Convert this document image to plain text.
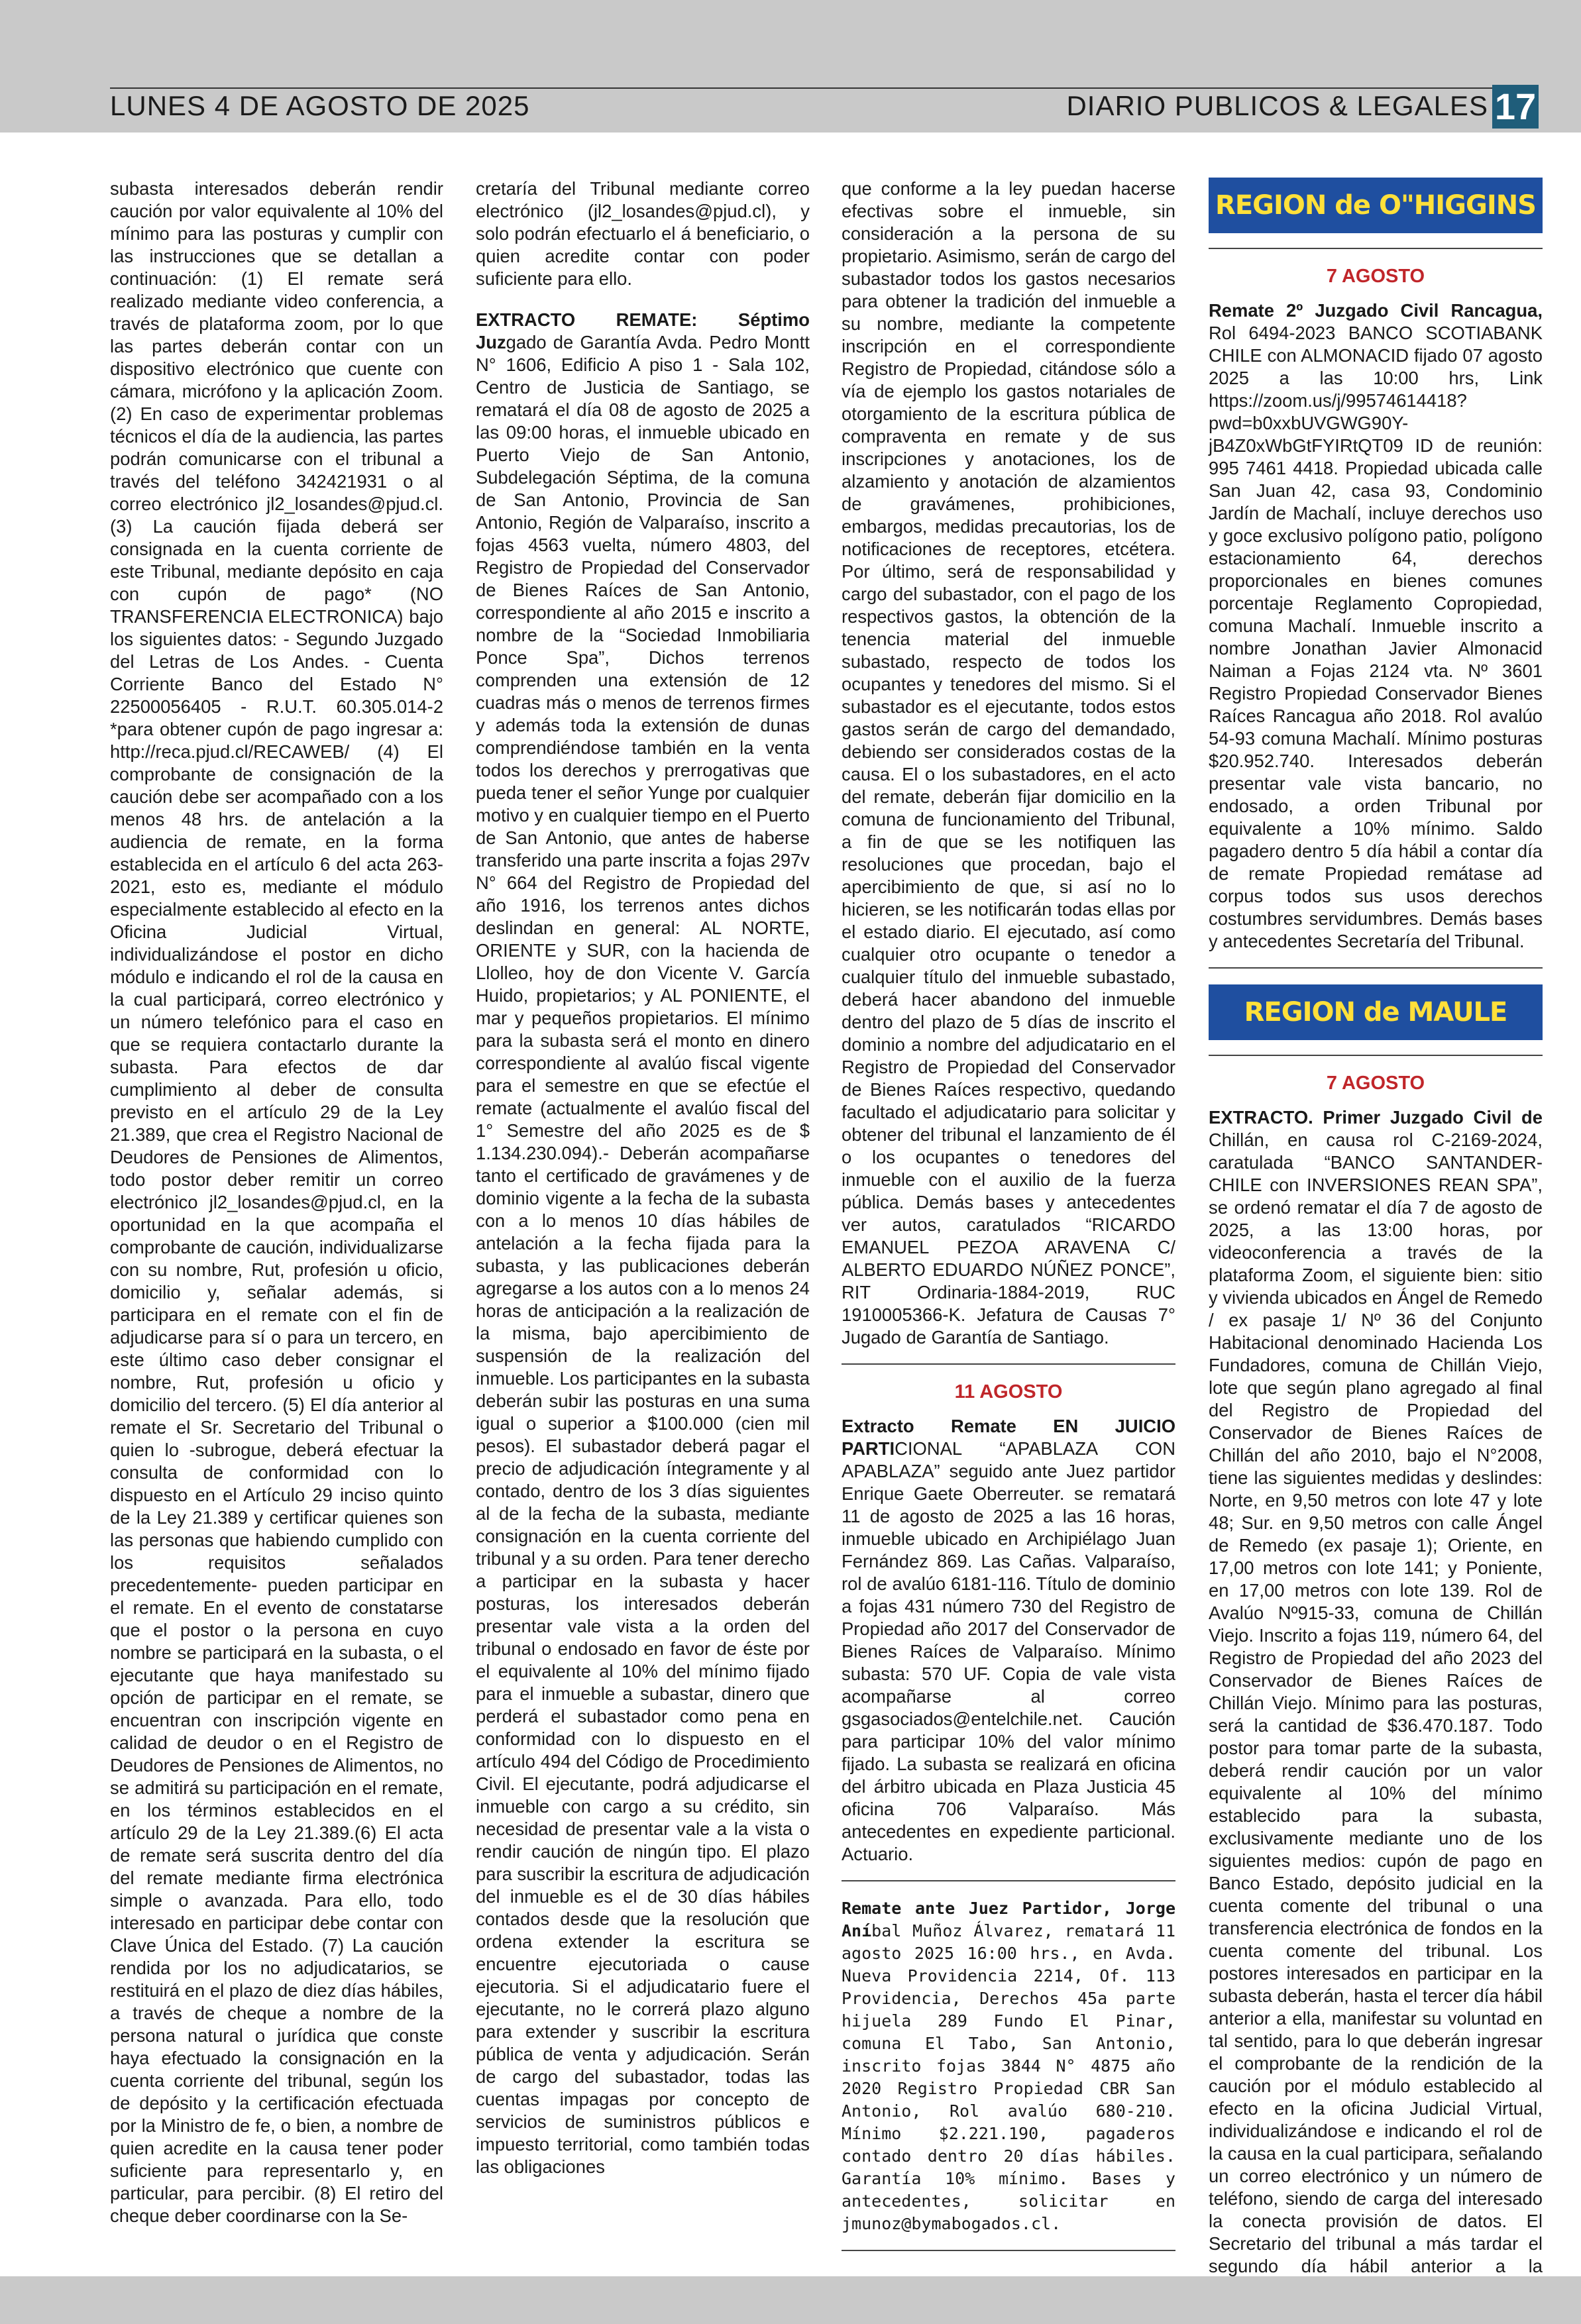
LUNES 4 DE AGOSTO DE 2025	DIARIO PUBLICOS & LEGALES 17

subasta interesados deberán rendir caución por valor equivalente al 10% del mínimo para las posturas y cumplir con las instrucciones que se detallan a continuación: (1) El remate será realizado mediante video conferencia, a través de plataforma zoom, por lo que las partes deberán contar con un dispositivo electrónico que cuente con cámara, micrófono y la aplicación Zoom. (2) En caso de experimentar problemas técnicos el día de la audiencia, las partes podrán comunicarse con el tribunal a través del teléfono 342421931 o al correo electrónico jl2_losandes@pjud.cl. (3) La caución fijada deberá ser consignada en la cuenta corriente de este Tribunal, mediante depósito en caja con cupón de pago* (NO TRANSFERENCIA ELECTRONICA) bajo los siguientes datos: - Segundo Juzgado del Letras de Los Andes. - Cuenta Corriente Banco del Estado N° 22500056405 - R.U.T. 60.305.014-2 *para obtener cupón de pago ingresar a: http://reca.pjud.cl/RECAWEB/ (4) El comprobante de consignación de la caución debe ser acompañado con a los menos 48 hrs. de antelación a la audiencia de remate, en la forma establecida en el artículo 6 del acta 263-2021, esto es, mediante el módulo especialmente establecido al efecto en la Oficina Judicial Virtual, individualizándose el postor en dicho módulo e indicando el rol de la causa en la cual participará, correo electrónico y un número telefónico para el caso en que se requiera contactarlo durante la subasta. Para efectos de dar cumplimiento al deber de consulta previsto en el artículo 29 de la Ley 21.389, que crea el Registro Nacional de Deudores de Pensiones de Alimentos, todo postor deber remitir un correo electrónico jl2_losandes@pjud.cl, en la oportunidad en la que acompaña el comprobante de caución, individualizarse con su nombre, Rut, profesión u oficio, domicilio y, señalar además, si participara en el remate con el fin de adjudicarse para sí o para un tercero, en este último caso deber consignar el nombre, Rut, profesión u oficio y domicilio del tercero. (5) El día anterior al remate el Sr. Secretario del Tribunal o quien lo -subrogue, deberá efectuar la consulta de conformidad con lo dispuesto en el Artículo 29 inciso quinto de la Ley 21.389 y certificar quienes son las personas que habiendo cumplido con los requisitos señalados precedentemente- pueden participar en el remate. En el evento de constatarse que el postor o la persona en cuyo nombre se participará en la subasta, o el ejecutante que haya manifestado su opción de participar en el remate, se encuentran con inscripción vigente en calidad de deudor o en el Registro de Deudores de Pensiones de Alimentos, no se admitirá su participación en el remate, en los términos establecidos en el artículo 29 de la Ley 21.389.(6) El acta de remate será suscrita dentro del día del remate mediante firma electrónica simple o avanzada. Para ello, todo interesado en participar debe contar con Clave Única del Estado. (7) La caución rendida por los no adjudicatarios, se restituirá en el plazo de diez días hábiles, a través de cheque a nombre de la persona natural o jurídica que conste haya efectuado la consignación en la cuenta corriente del tribunal, según los de depósito y la certificación efectuada por la Ministro de fe, o bien, a nombre de quien acredite en la causa tener poder suficiente para representarlo y, en particular, para percibir. (8) El retiro del cheque deber coordinarse con la Se-

cretaría del Tribunal mediante correo electrónico (jl2_losandes@pjud.cl), y solo podrán efectuarlo el á beneficiario, o quien acredite contar con poder suficiente para ello.

EXTRACTO REMATE: Séptimo Juzgado de Garantía Avda. Pedro Montt N° 1606, Edificio A piso 1 - Sala 102, Centro de Justicia de Santiago, se rematará el día 08 de agosto de 2025 a las 09:00 horas, el inmueble ubicado en Puerto Viejo de San Antonio, Subdelegación Séptima, de la comuna de San Antonio, Provincia de San Antonio, Región de Valparaíso, inscrito a fojas 4563 vuelta, número 4803, del Registro de Propiedad del Conservador de Bienes Raíces de San Antonio, correspondiente al año 2015 e inscrito a nombre de la “Sociedad Inmobiliaria Ponce Spa”, Dichos terrenos comprenden una extensión de 12 cuadras más o menos de terrenos firmes y además toda la extensión de dunas comprendiéndose también en la venta todos los derechos y prerrogativas que pueda tener el señor Yunge por cualquier motivo y en cualquier tiempo en el Puerto de San Antonio, que antes de haberse transferido una parte inscrita a fojas 297v N° 664 del Registro de Propiedad del año 1916, los terrenos antes dichos deslindan en general: AL NORTE, ORIENTE y SUR, con la hacienda de Llolleo, hoy de don Vicente V. García Huido, propietarios; y AL PONIENTE, el mar y pequeños propietarios. El mínimo para la subasta será el monto en dinero correspondiente al avalúo fiscal vigente para el semestre en que se efectúe el remate (actualmente el avalúo fiscal del 1° Semestre del año 2025 es de $ 1.134.230.094).- Deberán acompañarse tanto el certificado de gravámenes y de dominio vigente a la fecha de la subasta con a lo menos 10 días hábiles de antelación a la fecha fijada para la subasta, y las publicaciones deberán agregarse a los autos con a lo menos 24 horas de anticipación a la realización de la misma, bajo apercibimiento de suspensión de la realización del inmueble. Los participantes en la subasta deberán subir las posturas en una suma igual o superior a $100.000 (cien mil pesos). El subastador deberá pagar el precio de adjudicación íntegramente y al contado, dentro de los 3 días siguientes al de la fecha de la subasta, mediante consignación en la cuenta corriente del tribunal y a su orden. Para tener derecho a participar en la subasta y hacer posturas, los interesados deberán presentar vale vista a la orden del tribunal o endosado en favor de éste por el equivalente al 10% del mínimo fijado para el inmueble a subastar, dinero que perderá el subastador como pena en conformidad con lo dispuesto en el artículo 494 del Código de Procedimiento Civil. El ejecutante, podrá adjudicarse el inmueble con cargo a su crédito, sin necesidad de presentar vale a la vista o rendir caución de ningún tipo. El plazo para suscribir la escritura de adjudicación del inmueble es el de 30 días hábiles contados desde que la resolución que ordena extender la escritura se encuentre ejecutoriada o cause ejecutoria. Si el adjudicatario fuere el ejecutante, no le correrá plazo alguno para extender y suscribir la escritura pública de venta y adjudicación. Serán de cargo del subastador, todas las cuentas impagas por concepto de servicios de suministros públicos e impuesto territorial, como también todas las obligaciones

que conforme a la ley puedan hacerse efectivas sobre el inmueble, sin consideración a la persona de su propietario. Asimismo, serán de cargo del subastador todos los gastos necesarios para obtener la tradición del inmueble a su nombre, mediante la competente inscripción en el correspondiente Registro de Propiedad, citándose sólo a vía de ejemplo los gastos notariales de otorgamiento de la escritura pública de compraventa en remate y de sus inscripciones y anotaciones, los de alzamiento y anotación de alzamientos de gravámenes, prohibiciones, embargos, medidas precautorias, los de notificaciones de receptores, etcétera. Por último, será de responsabilidad y cargo del subastador, con el pago de los respectivos gastos, la obtención de la tenencia material del inmueble subastado, respecto de todos los ocupantes y tenedores del mismo. Si el subastador es el ejecutante, todos estos gastos serán de cargo del demandado, debiendo ser considerados costas de la causa. El o los subastadores, en el acto del remate, deberán fijar domicilio en la comuna de funcionamiento del Tribunal, a fin de que se les notifiquen las resoluciones que procedan, bajo el apercibimiento de que, si así no lo hicieren, se les notificarán todas ellas por el estado diario. El ejecutado, así como cualquier otro ocupante o tenedor a cualquier título del inmueble subastado, deberá hacer abandono del inmueble dentro del plazo de 5 días de inscrito el dominio a nombre del adjudicatario en el Registro de Propiedad del Conservador de Bienes Raíces respectivo, quedando facultado el adjudicatario para solicitar y obtener del tribunal el lanzamiento de él o los ocupantes o tenedores del inmueble con el auxilio de la fuerza pública. Demás bases y antecedentes ver autos, caratulados “RICARDO EMANUEL PEZOA ARAVENA C/ ALBERTO EDUARDO NÚÑEZ PONCE”, RIT Ordinaria-1884-2019, RUC 1910005366-K. Jefatura de Causas 7° Jugado de Garantía de Santiago.

11 AGOSTO

Extracto Remate EN JUICIO PARTICIONAL “APABLAZA CON APABLAZA” seguido ante Juez partidor Enrique Gaete Oberreuter. se rematará 11 de agosto de 2025 a las 16 horas, inmueble ubicado en Archipiélago Juan Fernández 869. Las Cañas. Valparaíso, rol de avalúo 6181-116. Título de dominio a fojas 431 número 730 del Registro de Propiedad año 2017 del Conservador de Bienes Raíces de Valparaíso. Mínimo subasta: 570 UF. Copia de vale vista acompañarse al correo gsgasociados@entelchile.net. Caución para participar 10% del valor mínimo fijado. La subasta se realizará en oficina del árbitro ubicada en Plaza Justicia 45 oficina 706 Valparaíso. Más antecedentes en expediente particional. Actuario.

Remate ante Juez Partidor, Jorge Aníbal Muñoz Álvarez, rematará 11 agosto 2025 16:00 hrs., en Avda. Nueva Providencia 2214, Of. 113 Providencia, Derechos 45a parte hijuela 289 Fundo El Pinar, comuna El Tabo, San Antonio, inscrito fojas 3844 N° 4875 año 2020 Registro Propiedad CBR San Antonio, Rol avalúo 680-210. Mínimo $2.221.190, pagaderos contado dentro 20 días hábiles. Garantía 10% mínimo. Bases y antecedentes, solicitar en jmunoz@bymabogados.cl.

REGION de O"HIGGINS
7 AGOSTO

Remate 2º Juzgado Civil Rancagua, Rol 6494-2023 BANCO SCOTIABANK CHILE con ALMONACID fijado 07 agosto 2025 a las 10:00 hrs, Link https://zoom.us/j/99574614418?pwd=b0xxbUVGWG90Y-jB4Z0xWbGtFYIRtQT09 ID de reunión: 995 7461 4418. Propiedad ubicada calle San Juan 42, casa 93, Condominio Jardín de Machalí, incluye derechos uso y goce exclusivo polígono patio, polígono estacionamiento 64, derechos proporcionales en bienes comunes porcentaje Reglamento Copropiedad, comuna Machalí. Inmueble inscrito a nombre Jonathan Javier Almonacid Naiman a Fojas 2124 vta. Nº 3601 Registro Propiedad Conservador Bienes Raíces Rancagua año 2018. Rol avalúo 54-93 comuna Machalí. Mínimo posturas $20.952.740. Interesados deberán presentar vale vista bancario, no endosado, a orden Tribunal por equivalente a 10% mínimo. Saldo pagadero dentro 5 día hábil a contar día de remate Propiedad remátase ad corpus todos sus usos derechos costumbres servidumbres. Demás bases y antecedentes Secretaría del Tribunal.

REGION de MAULE
7 AGOSTO

EXTRACTO. Primer Juzgado Civil de Chillán, en causa rol C-2169-2024, caratulada “BANCO SANTANDER- CHILE con INVERSIONES REAN SPA”, se ordenó rematar el día 7 de agosto de 2025, a las 13:00 horas, por videoconferencia a través de la plataforma Zoom, el siguiente bien: sitio y vivienda ubicados en Ángel de Remedo / ex pasaje 1/ Nº 36 del Conjunto Habitacional denominado Hacienda Los Fundadores, comuna de Chillán Viejo, lote que según plano agregado al final del Registro de Propiedad del Conservador de Bienes Raíces de Chillán del año 2010, bajo el N°2008, tiene las siguientes medidas y deslindes: Norte, en 9,50 metros con lote 47 y lote 48; Sur. en 9,50 metros con calle Ángel de Remedo (ex pasaje 1); Oriente, en 17,00 metros con lote 141; y Poniente, en 17,00 metros con lote 139. Rol de Avalúo Nº915-33, comuna de Chillán Viejo. Inscrito a fojas 119, número 64, del Registro de Propiedad del año 2023 del Conservador de Bienes Raíces de Chillán Viejo. Mínimo para las posturas, será la cantidad de $36.470.187. Todo postor para tomar parte de la subasta, deberá rendir caución por un valor equivalente al 10% del mínimo establecido para la subasta, exclusivamente mediante uno de los siguientes medios: cupón de pago en Banco Estado, depósito judicial en la cuenta comente del tribunal o una transferencia electrónica de fondos en la cuenta comente del tribunal. Los postores interesados en participar en la subasta deberán, hasta el tercer día hábil anterior a ella, manifestar su voluntad en tal sentido, para lo que deberán ingresar el comprobante de la rendición de la caución por el módulo establecido al efecto en la oficina Judicial Virtual, individualizándose e indicando el rol de la causa en la cual participara, señalando un correo electrónico y un número de teléfono, siendo de carga del interesado la conecta provisión de datos. El Secretario del tribunal a más tardar el segundo día hábil anterior a la
